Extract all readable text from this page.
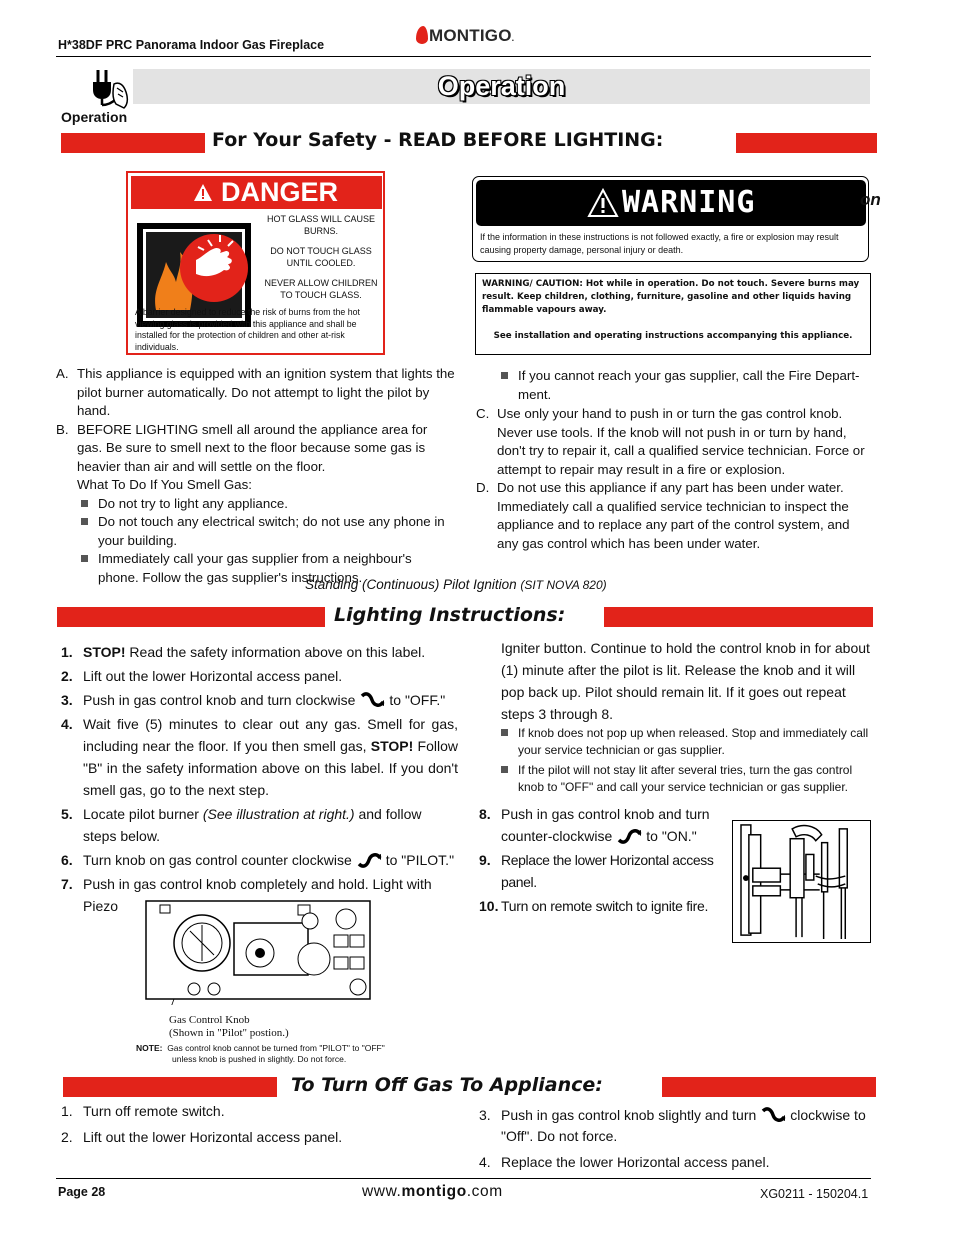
H*38DF PRC Panorama Indoor Gas Fireplace	MONTIGO.
Operation
Operation
For Your Safety - READ BEFORE LIGHTING:
DANGER

HOT GLASS WILL CAUSE BURNS.

DO NOT TOUCH GLASS UNTIL COOLED.

NEVER ALLOW CHILDREN TO TOUCH GLASS.

A barrier designed to reduce the risk of burns from the hot viewing glass is provided with this appliance and shall be installed for the protection of children and other at-risk individuals.
WARNING
If the information in these instructions is not followed exactly, a fire or explosion may result causing property damage, personal injury or death.
on
WARNING/ CAUTION: Hot while in operation. Do not touch. Severe burns may result. Keep children, clothing, furniture, gasoline and other liquids having flammable vapours away.
See installation and operating instructions accompanying this appliance.
A. This appliance is equipped with an ignition system that lights the pilot burner automatically. Do not attempt to light the pilot by hand.
B. BEFORE LIGHTING smell all around the appliance area for gas. Be sure to smell next to the floor because some gas is heavier than air and will settle on the floor.
What To Do If You Smell Gas:
Do not try to light any appliance.
Do not touch any electrical switch; do not use any phone in your building.
Immediately call your gas supplier from a neighbour's phone. Follow the gas supplier's instructions.
If you cannot reach your gas supplier, call the Fire Depart- ment.
C. Use only your hand to push in or turn the gas control knob. Never use tools. If the knob will not push in or turn by hand, don't try to repair it, call a qualified service technician. Force or attempt to repair may result in a fire or explosion.
D. Do not use this appliance if any part has been under water. Immediately call a qualified service technician to inspect the appliance and to replace any part of the control system, and any gas control which has been under water.
Standing (Continuous) Pilot Ignition (SIT NOVA 820)
Lighting Instructions:
1. STOP! Read the safety information above on this label.
2. Lift out the lower Horizontal access panel.
3. Push in gas control knob and turn clockwise to "OFF."
4. Wait five (5) minutes to clear out any gas. Smell for gas, including near the floor. If you then smell gas, STOP! Follow "B" in the safety information above on this label. If you don't smell gas, go to the next step.
5. Locate pilot burner (See illustration at right.) and follow steps below.
6. Turn knob on gas control counter clockwise to "PILOT."
7. Push in gas control knob completely and hold. Light with Piezo
Igniter button. Continue to hold the control knob in for about (1) minute after the pilot is lit. Release the knob and it will pop back up. Pilot should remain lit. If it goes out repeat steps 3 through 8.
If knob does not pop up when released. Stop and immediately call your service technician or gas supplier.
If the pilot will not stay lit after several tries, turn the gas control knob to "OFF" and call your service technician or gas supplier.
8. Push in gas control knob and turn counter-clockwise to "ON."
9. Replace the lower Horizontal access panel.
10. Turn on remote switch to ignite fire.
Gas Control Knob
(Shown in "Pilot" postion.)
NOTE: Gas control knob cannot be turned from "PILOT" to "OFF"
unless knob is pushed in slightly. Do not force.
To Turn Off Gas To Appliance:
1. Turn off remote switch.
2. Lift out the lower Horizontal access panel.
3. Push in gas control knob slightly and turn clockwise to "Off". Do not force.
4. Replace the lower Horizontal access panel.
Page 28	www.montigo.com	XG0211 - 150204.1
